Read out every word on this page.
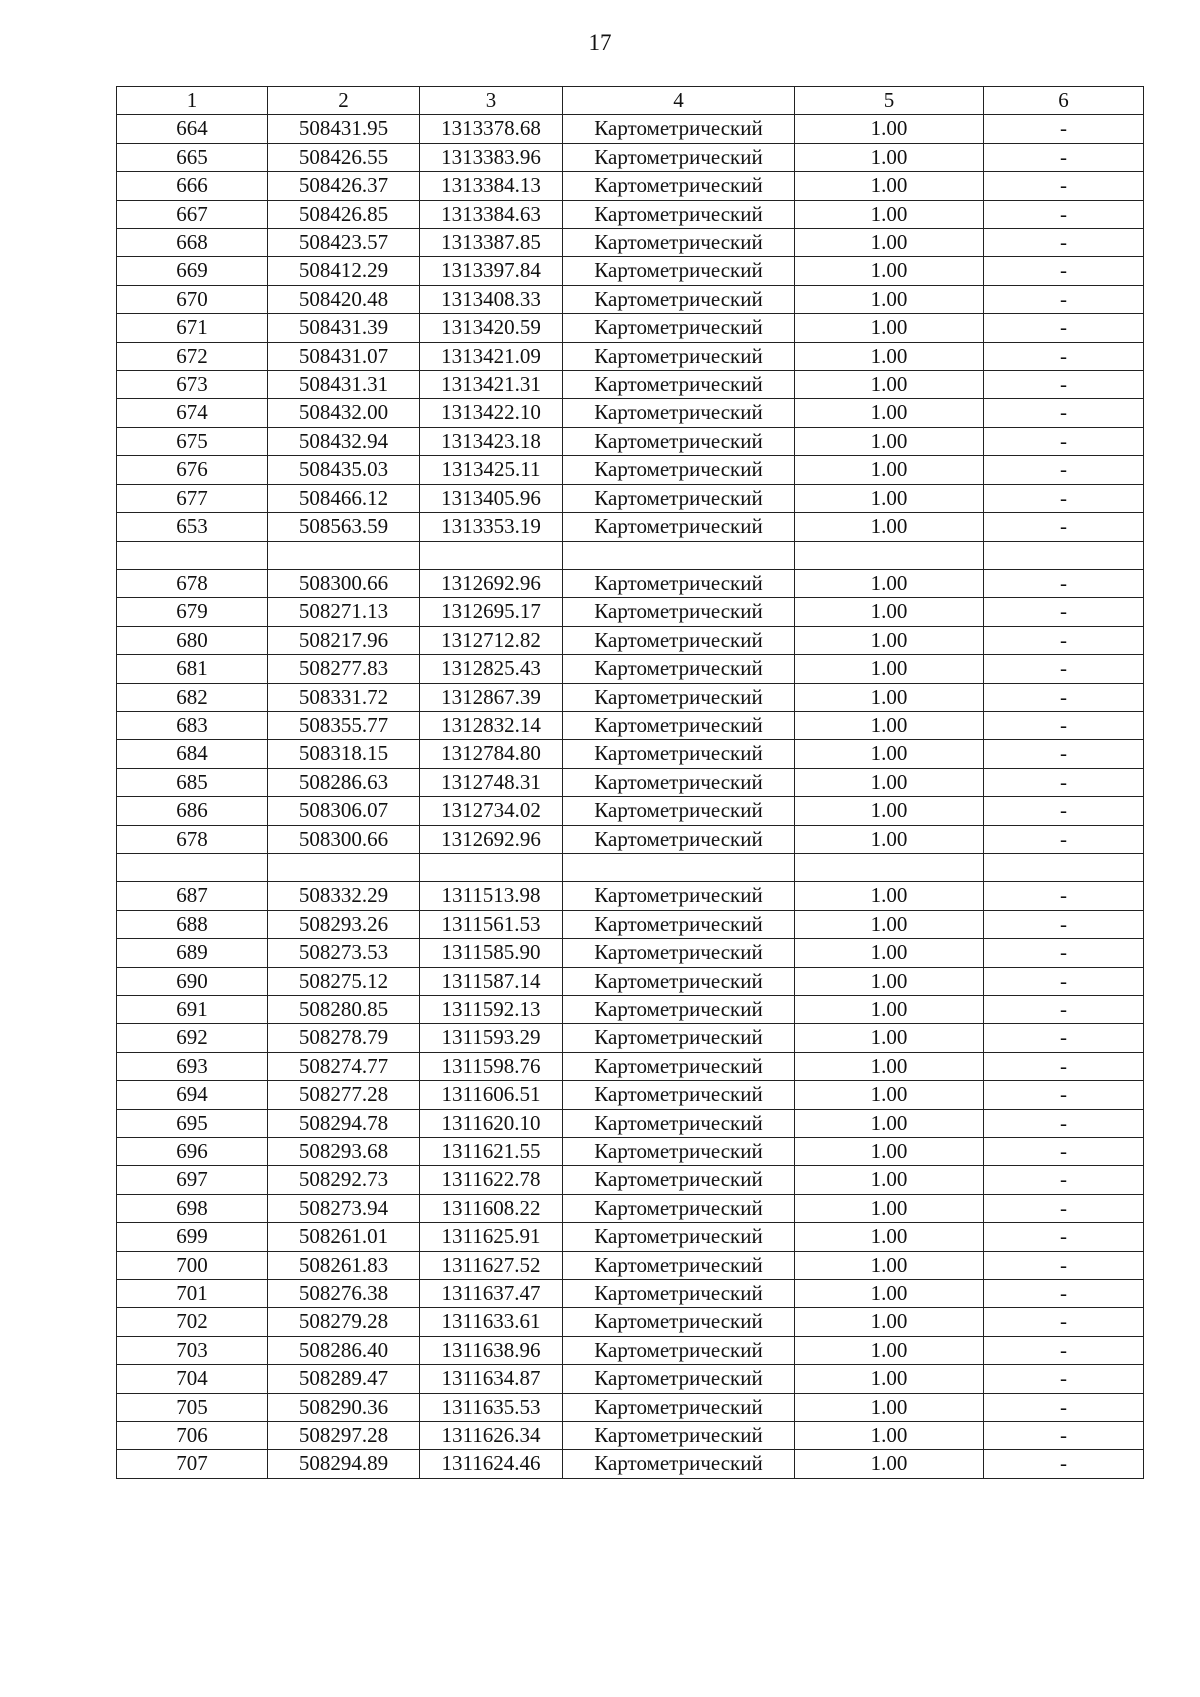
17
1	2	3	4	5	6
664	508431.95	1313378.68	Картометрический	1.00	-
665	508426.55	1313383.96	Картометрический	1.00	-
666	508426.37	1313384.13	Картометрический	1.00	-
667	508426.85	1313384.63	Картометрический	1.00	-
668	508423.57	1313387.85	Картометрический	1.00	-
669	508412.29	1313397.84	Картометрический	1.00	-
670	508420.48	1313408.33	Картометрический	1.00	-
671	508431.39	1313420.59	Картометрический	1.00	-
672	508431.07	1313421.09	Картометрический	1.00	-
673	508431.31	1313421.31	Картометрический	1.00	-
674	508432.00	1313422.10	Картометрический	1.00	-
675	508432.94	1313423.18	Картометрический	1.00	-
676	508435.03	1313425.11	Картометрический	1.00	-
677	508466.12	1313405.96	Картометрический	1.00	-
653	508563.59	1313353.19	Картометрический	1.00	-

678	508300.66	1312692.96	Картометрический	1.00	-
679	508271.13	1312695.17	Картометрический	1.00	-
680	508217.96	1312712.82	Картометрический	1.00	-
681	508277.83	1312825.43	Картометрический	1.00	-
682	508331.72	1312867.39	Картометрический	1.00	-
683	508355.77	1312832.14	Картометрический	1.00	-
684	508318.15	1312784.80	Картометрический	1.00	-
685	508286.63	1312748.31	Картометрический	1.00	-
686	508306.07	1312734.02	Картометрический	1.00	-
678	508300.66	1312692.96	Картометрический	1.00	-

687	508332.29	1311513.98	Картометрический	1.00	-
688	508293.26	1311561.53	Картометрический	1.00	-
689	508273.53	1311585.90	Картометрический	1.00	-
690	508275.12	1311587.14	Картометрический	1.00	-
691	508280.85	1311592.13	Картометрический	1.00	-
692	508278.79	1311593.29	Картометрический	1.00	-
693	508274.77	1311598.76	Картометрический	1.00	-
694	508277.28	1311606.51	Картометрический	1.00	-
695	508294.78	1311620.10	Картометрический	1.00	-
696	508293.68	1311621.55	Картометрический	1.00	-
697	508292.73	1311622.78	Картометрический	1.00	-
698	508273.94	1311608.22	Картометрический	1.00	-
699	508261.01	1311625.91	Картометрический	1.00	-
700	508261.83	1311627.52	Картометрический	1.00	-
701	508276.38	1311637.47	Картометрический	1.00	-
702	508279.28	1311633.61	Картометрический	1.00	-
703	508286.40	1311638.96	Картометрический	1.00	-
704	508289.47	1311634.87	Картометрический	1.00	-
705	508290.36	1311635.53	Картометрический	1.00	-
706	508297.28	1311626.34	Картометрический	1.00	-
707	508294.89	1311624.46	Картометрический	1.00	-
